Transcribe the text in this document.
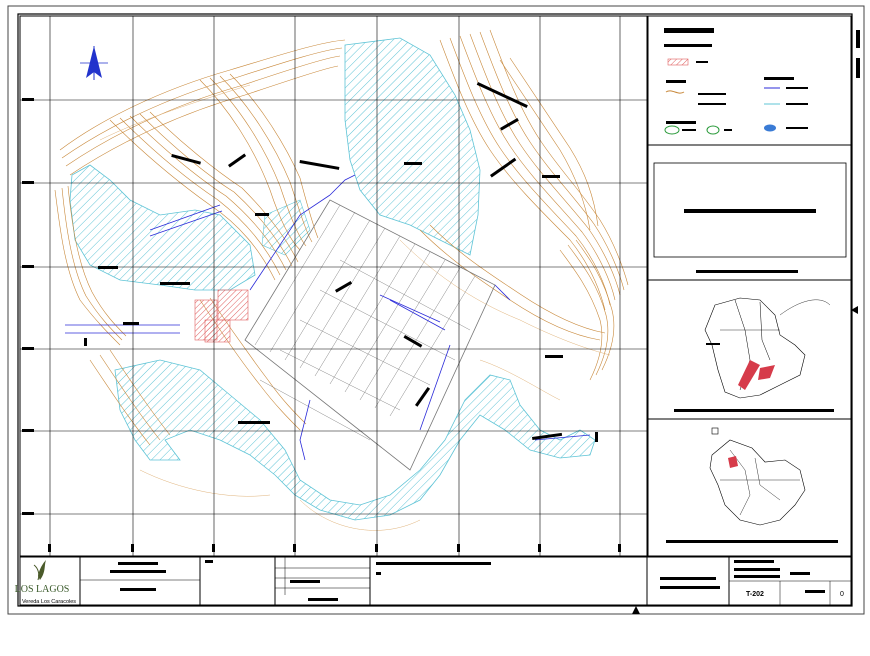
LOS LAGOS
Vereda Los Caracoles
T-202	0
